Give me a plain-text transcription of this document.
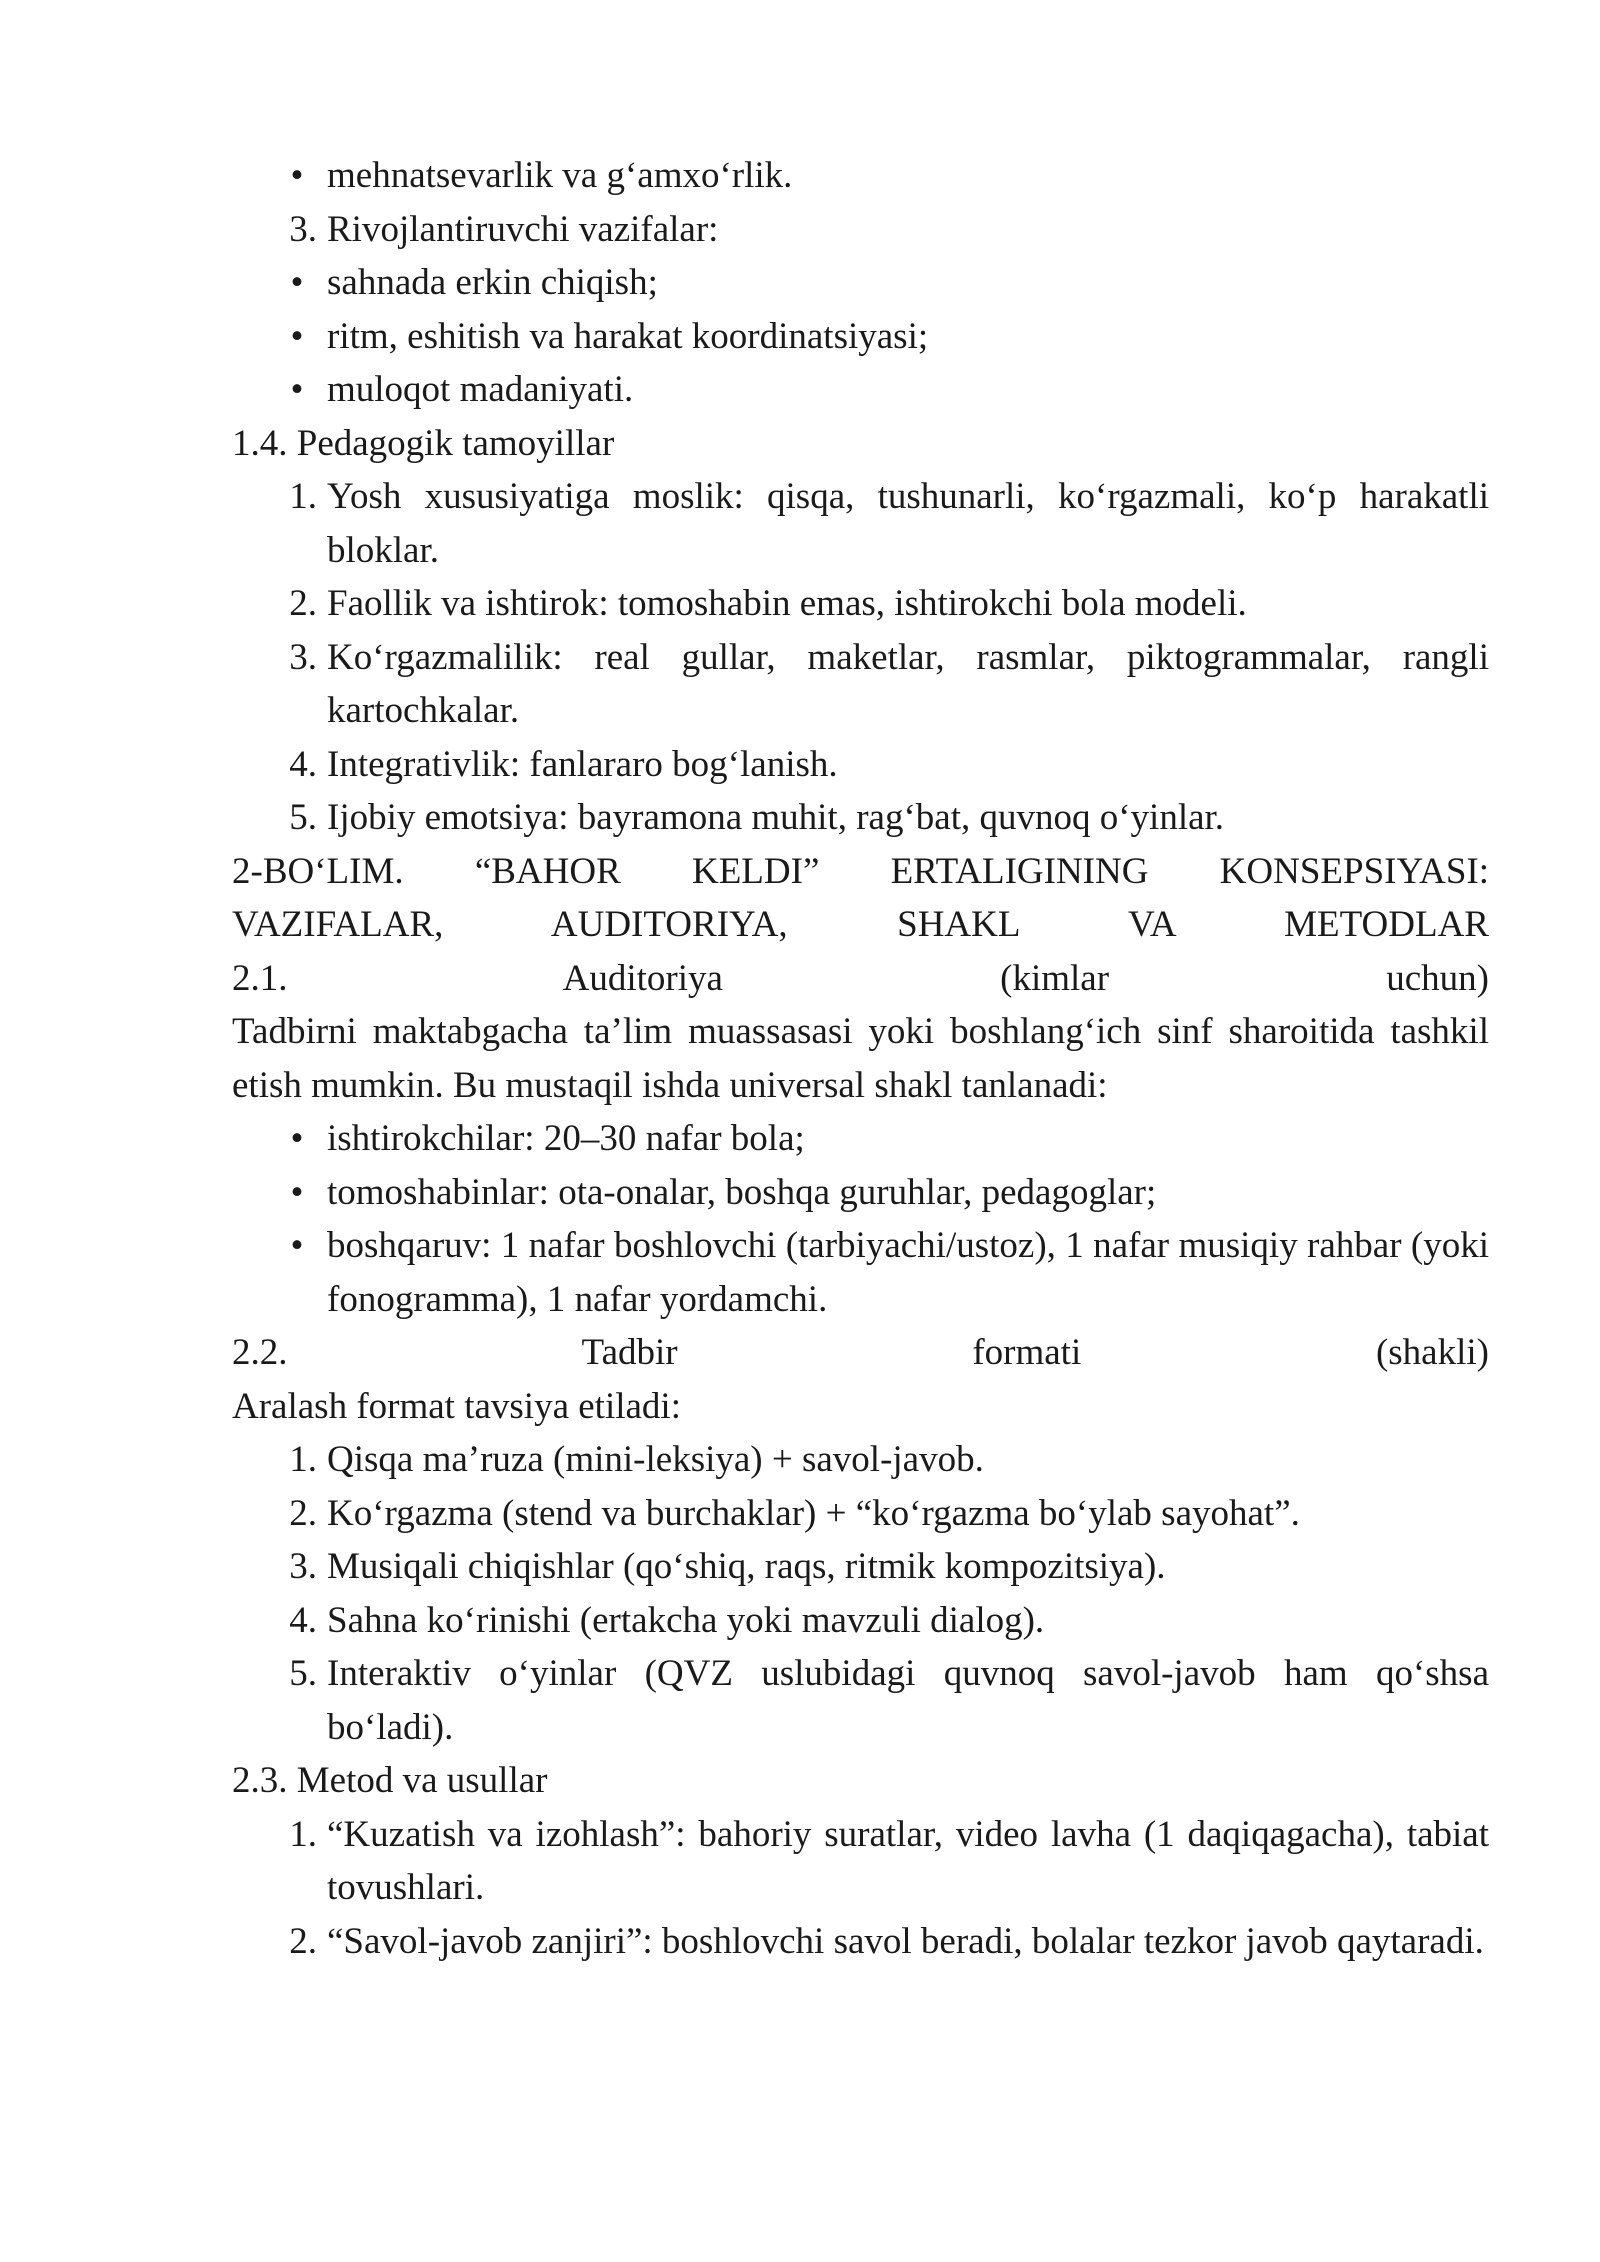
• mehnatsevarlik va g‘amxo‘rlik.
3. Rivojlantiruvchi vazifalar:
• sahnada erkin chiqish;
• ritm, eshitish va harakat koordinatsiyasi;
• muloqot madaniyati.
1.4. Pedagogik tamoyillar
1. Yosh xususiyatiga moslik: qisqa, tushunarli, ko‘rgazmali, ko‘p harakatli bloklar.
2. Faollik va ishtirok: tomoshabin emas, ishtirokchi bola modeli.
3. Ko‘rgazmalilik: real gullar, maketlar, rasmlar, piktogrammalar, rangli kartochkalar.
4. Integrativlik: fanlararo bog‘lanish.
5. Ijobiy emotsiya: bayramona muhit, rag‘bat, quvnoq o‘yinlar.
2-BO‘LIM. “BAHOR KELDI” ERTALIGINING KONSEPSIYASI:
VAZIFALAR, AUDITORIYA, SHAKL VA METODLAR
2.1. Auditoriya (kimlar uchun)
Tadbirni maktabgacha ta’lim muassasasi yoki boshlang‘ich sinf sharoitida tashkil etish mumkin. Bu mustaqil ishda universal shakl tanlanadi:
• ishtirokchilar: 20–30 nafar bola;
• tomoshabinlar: ota-onalar, boshqa guruhlar, pedagoglar;
• boshqaruv: 1 nafar boshlovchi (tarbiyachi/ustoz), 1 nafar musiqiy rahbar (yoki fonogramma), 1 nafar yordamchi.
2.2. Tadbir formati (shakli)
Aralash format tavsiya etiladi:
1. Qisqa ma’ruza (mini-leksiya) + savol-javob.
2. Ko‘rgazma (stend va burchaklar) + “ko‘rgazma bo‘ylab sayohat”.
3. Musiqali chiqishlar (qo‘shiq, raqs, ritmik kompozitsiya).
4. Sahna ko‘rinishi (ertakcha yoki mavzuli dialog).
5. Interaktiv o‘yinlar (QVZ uslubidagi quvnoq savol-javob ham qo‘shsa bo‘ladi).
2.3. Metod va usullar
1. “Kuzatish va izohlash”: bahoriy suratlar, video lavha (1 daqiqagacha), tabiat tovushlari.
2. “Savol-javob zanjiri”: boshlovchi savol beradi, bolalar tezkor javob qaytaradi.
